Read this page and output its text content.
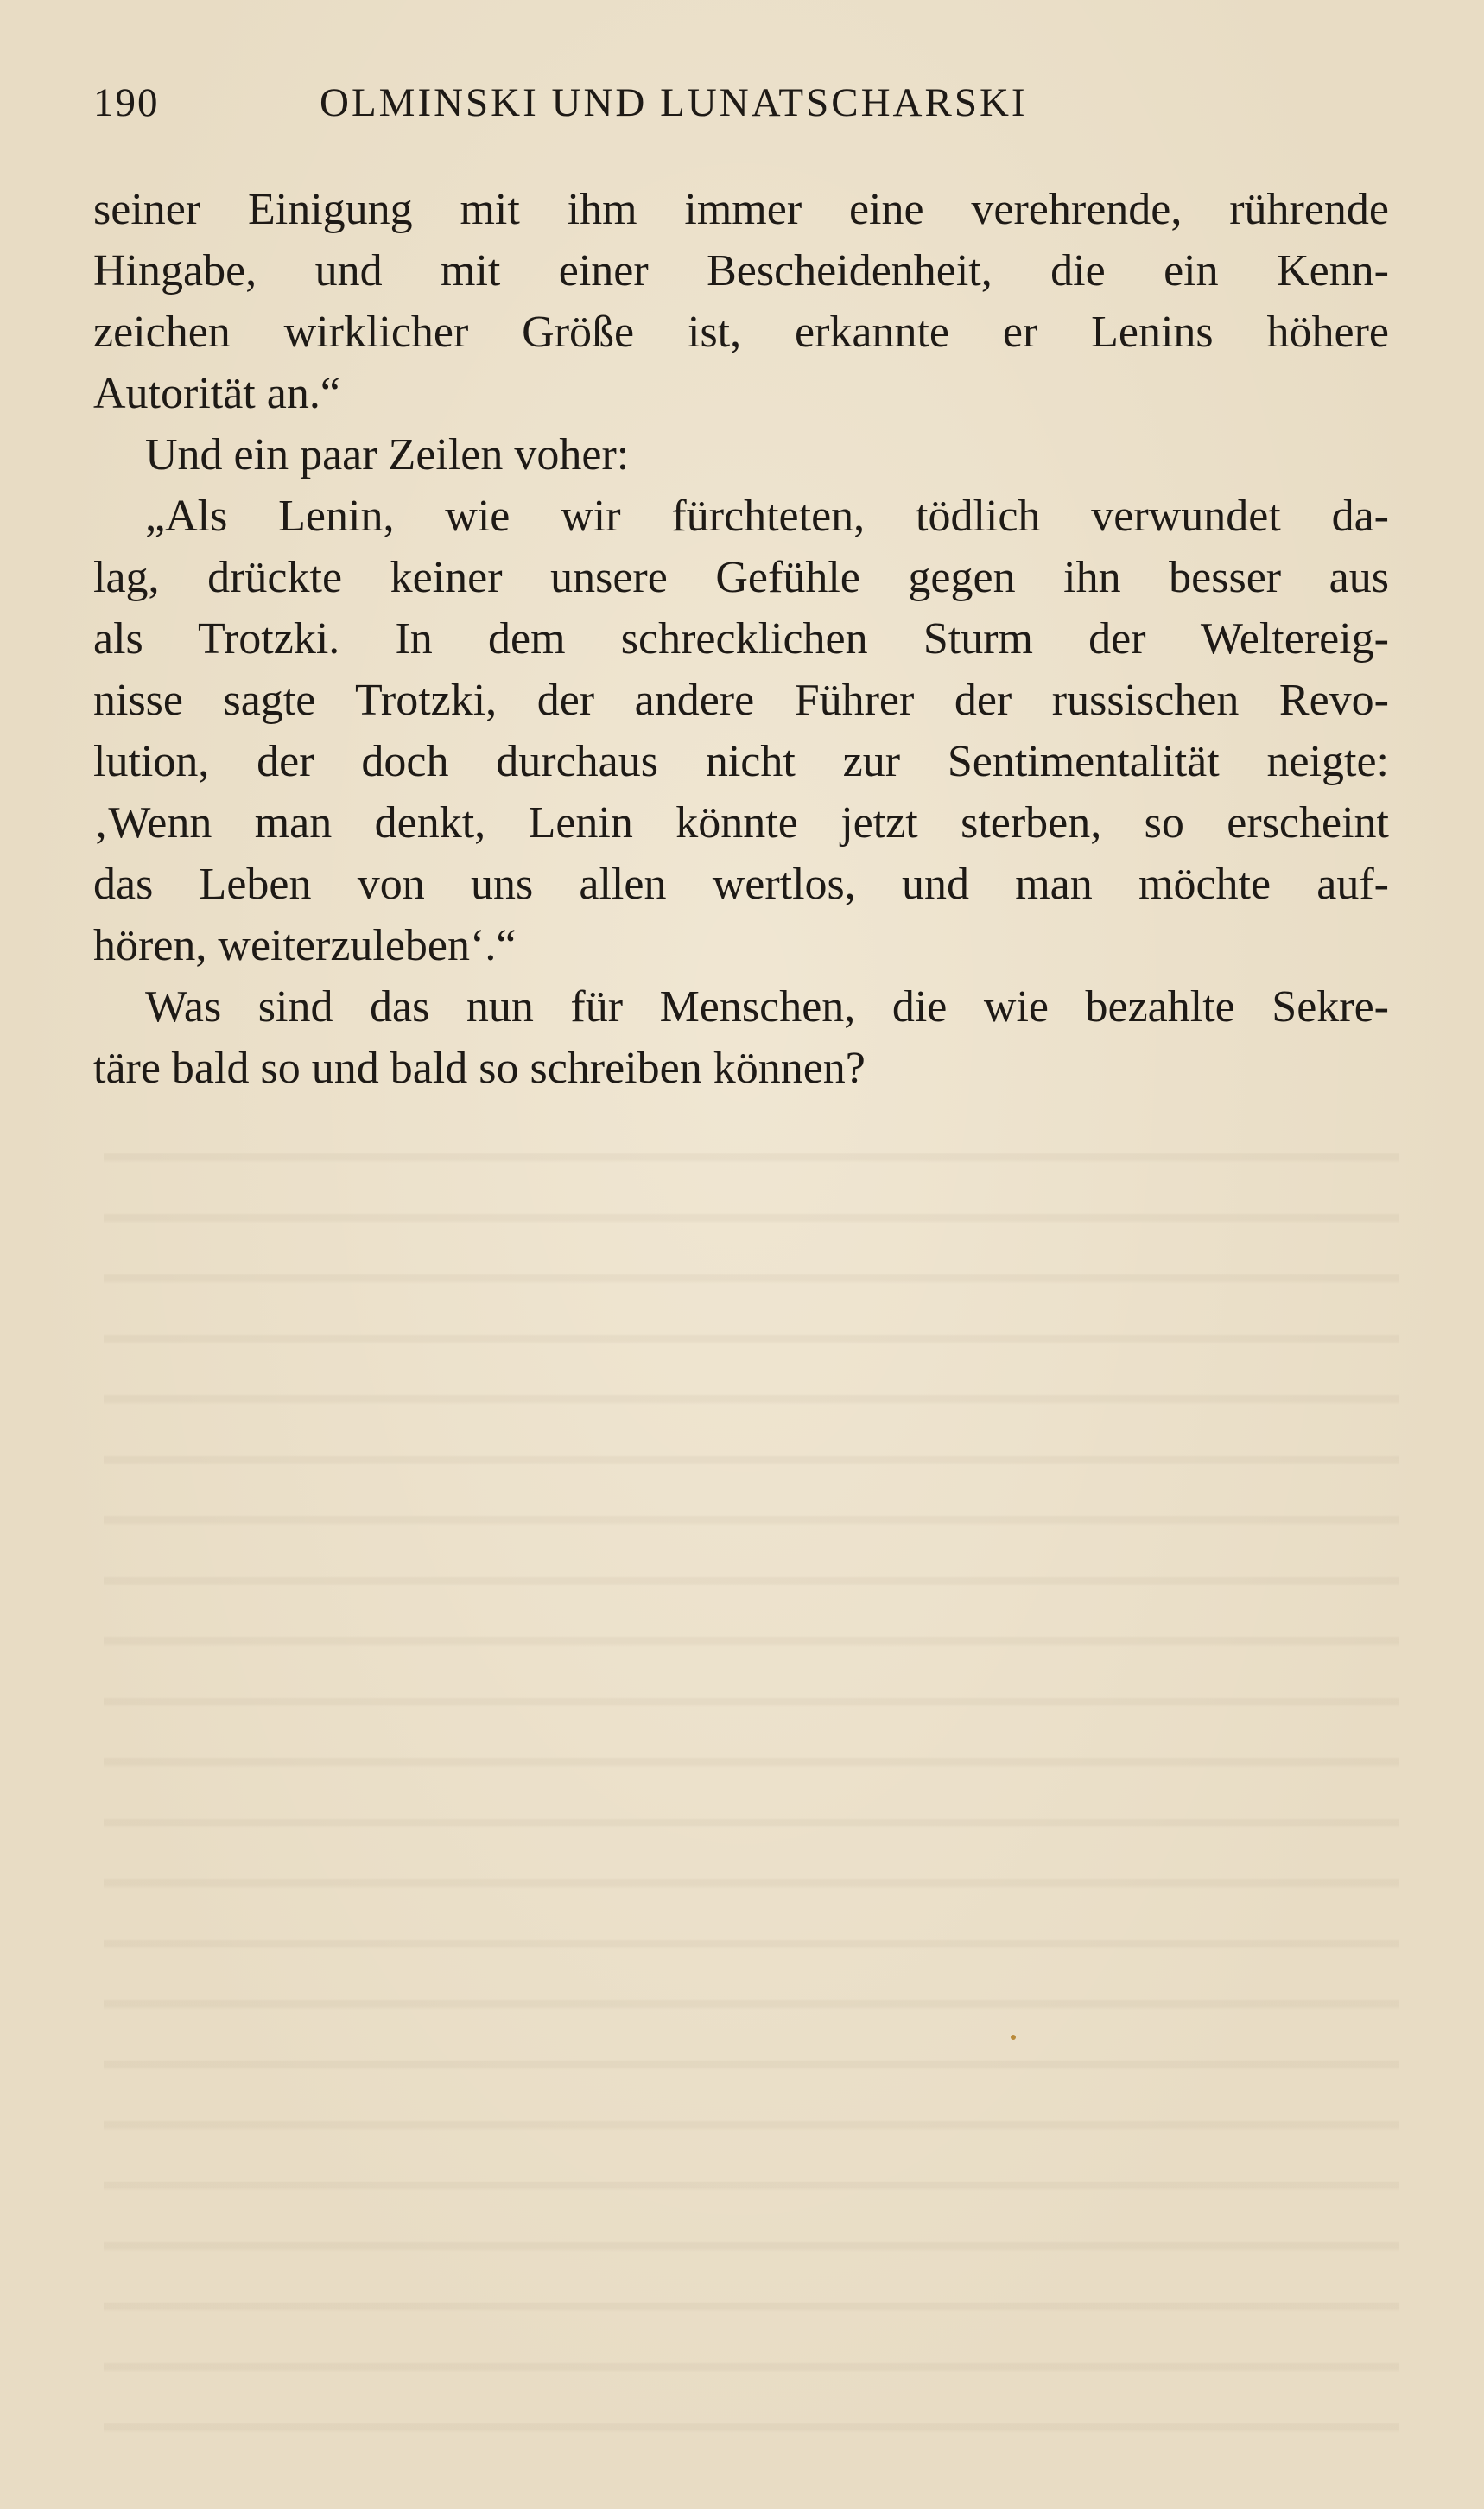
190	OLMINSKI UND LUNATSCHARSKI
seiner Einigung mit ihm immer eine verehrende, rührende
Hingabe, und mit einer Bescheidenheit, die ein Kenn-
zeichen wirklicher Größe ist, erkannte er Lenins höhere
Autorität an.“
Und ein paar Zeilen voher:
„Als Lenin, wie wir fürchteten, tödlich verwundet da-
lag, drückte keiner unsere Gefühle gegen ihn besser aus
als Trotzki. In dem schrecklichen Sturm der Weltereig-
nisse sagte Trotzki, der andere Führer der russischen Revo-
lution, der doch durchaus nicht zur Sentimentalität neigte:
‚Wenn man denkt, Lenin könnte jetzt sterben, so erscheint
das Leben von uns allen wertlos, und man möchte auf-
hören, weiterzuleben‘.“
Was sind das nun für Menschen, die wie bezahlte Sekre-
täre bald so und bald so schreiben können?
